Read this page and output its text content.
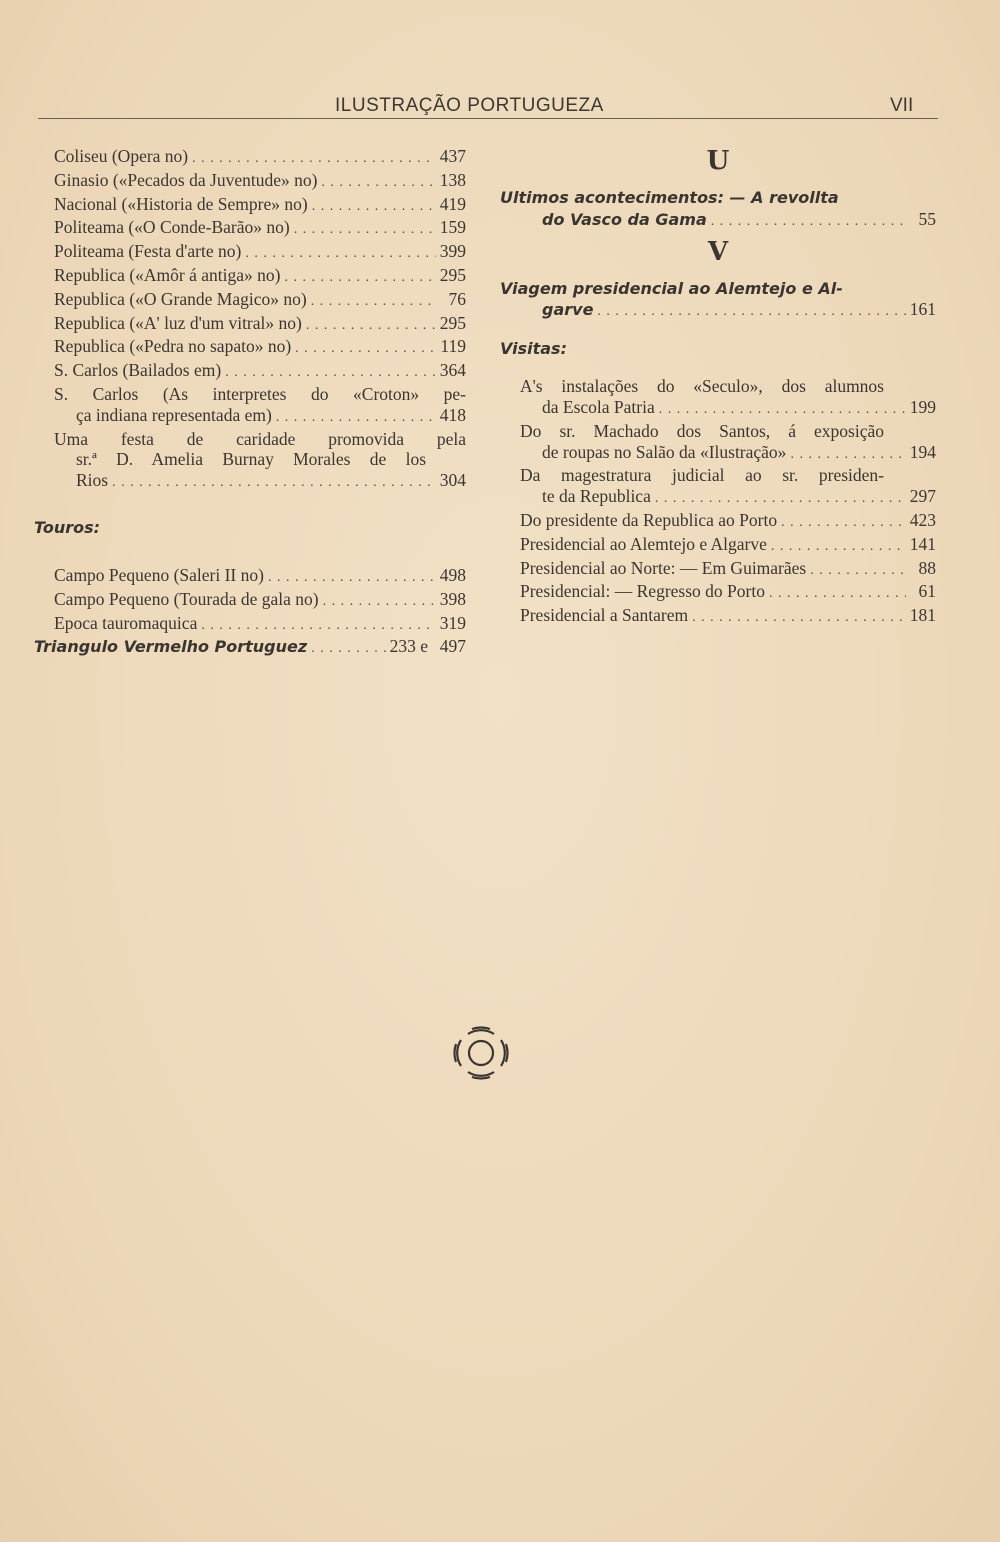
ILUSTRAÇÃO PORTUGUEZA	VII
Coliseu (Opera no) . . .	437
Ginasio («Pecados da Juventude» no) . . .	138
Nacional («Historia de Sempre» no) . . .	419
Politeama («O Conde-Barão» no) . . .	159
Politeama (Festa d'arte no) . . .	399
Republica («Amôr á antiga» no) . . .	295
Republica («O Grande Magico» no) . . .	76
Republica («A' luz d'um vitral» no) . . .	295
Republica («Pedra no sapato» no) . . .	119
S. Carlos (Bailados em) . . .	364
S. Carlos (As interpretes do «Croton» pe-
ça indiana representada em) . . .	418
Uma festa de caridade promovida pela
sr.ª D. Amelia Burnay Morales de los
Rios . . .	304
Touros:
Campo Pequeno (Saleri II no) . . .	498
Campo Pequeno (Tourada de gala no) . . .	398
Epoca tauromaquica . . .	319
Triangulo Vermelho Portuguez . . .	233 e 497
U
Ultimos acontecimentos: — A revollta
do Vasco da Gama . . .	55
V
Viagem presidencial ao Alemtejo e Al-
garve . . .	161
Visitas:
A's instalações do «Seculo», dos alumnos
da Escola Patria . . .	199
Do sr. Machado dos Santos, á exposição
de roupas no Salão da «Ilustração» . . .	194
Da magestratura judicial ao sr. presiden-
te da Republica . . .	297
Do presidente da Republica ao Porto . . .	423
Presidencial ao Alemtejo e Algarve . . .	141
Presidencial ao Norte: — Em Guimarães . . .	88
Presidencial: — Regresso do Porto . . .	61
Presidencial a Santarem . . .	181
